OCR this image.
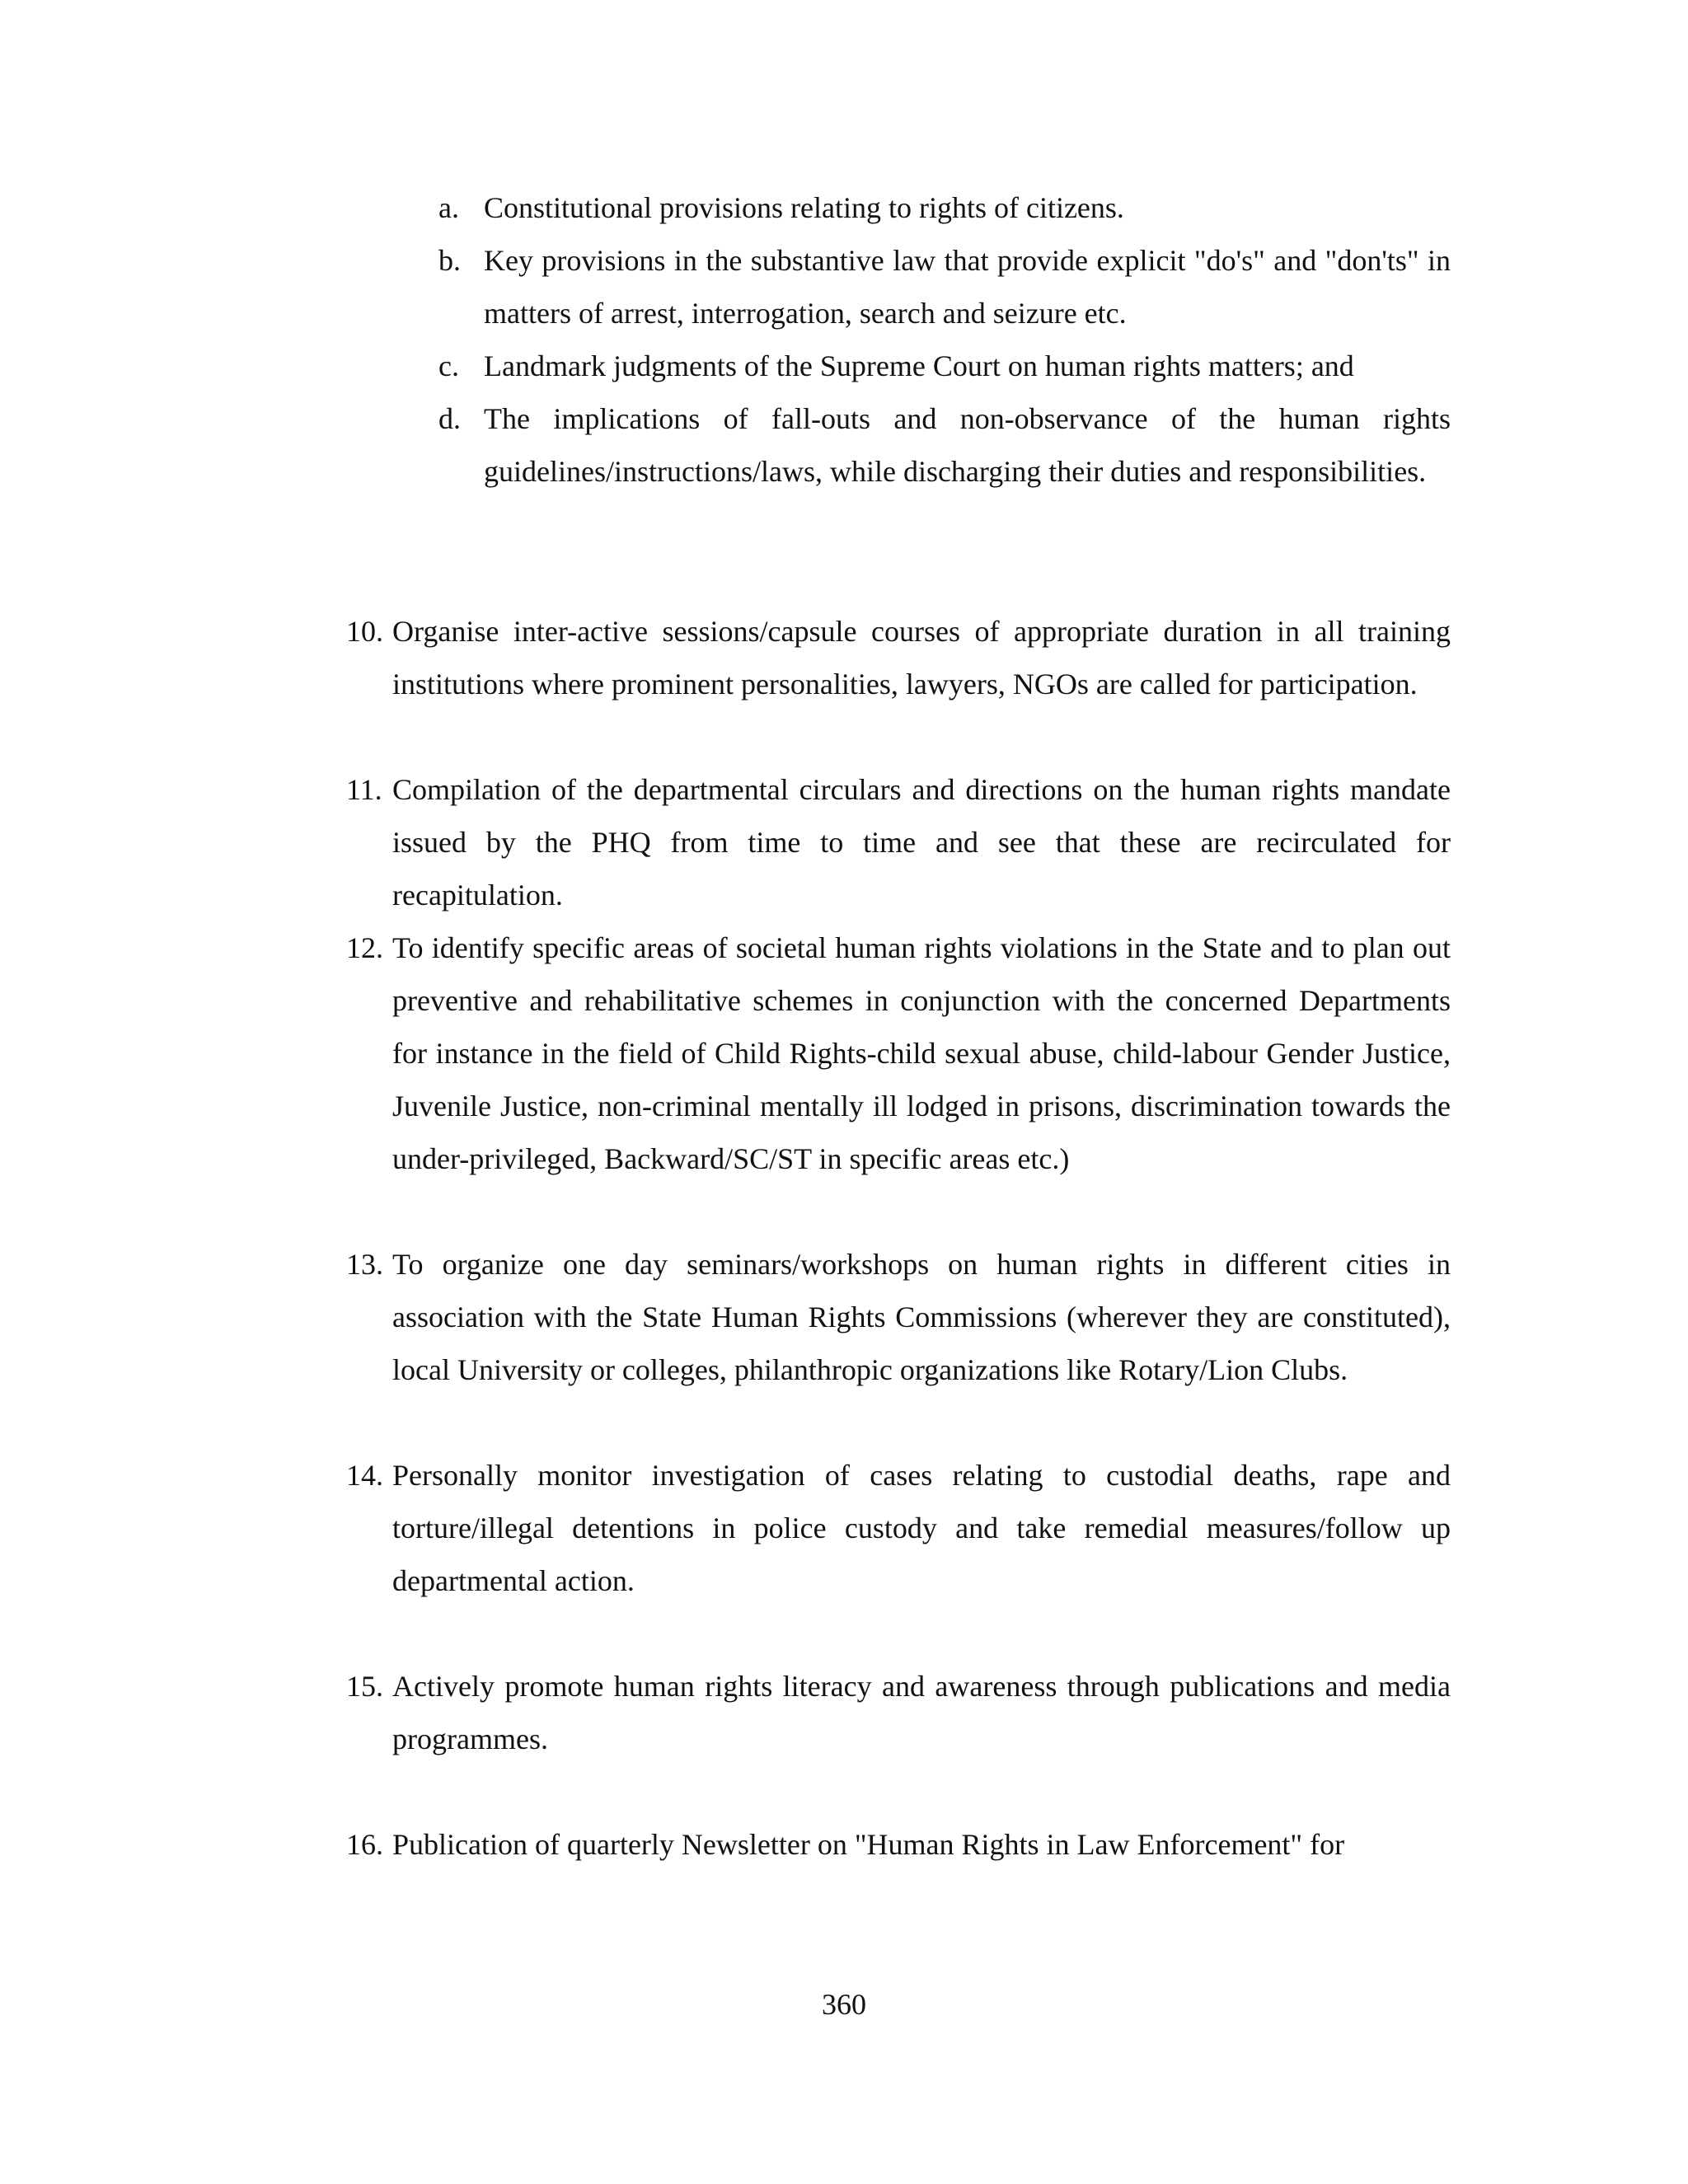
a. Constitutional provisions relating to rights of citizens.
b. Key provisions in the substantive law that provide explicit "do's" and "don'ts" in matters of arrest, interrogation, search and seizure etc.
c. Landmark judgments of the Supreme Court on human rights matters; and
d. The implications of fall-outs and non-observance of the human rights guidelines/instructions/laws, while discharging their duties and responsibilities.
10. Organise inter-active sessions/capsule courses of appropriate duration in all training institutions where prominent personalities, lawyers, NGOs are called for participation.
11. Compilation of the departmental circulars and directions on the human rights mandate issued by the PHQ from time to time and see that these are recirculated for recapitulation.
12. To identify specific areas of societal human rights violations in the State and to plan out preventive and rehabilitative schemes in conjunction with the concerned Departments for instance in the field of Child Rights-child sexual abuse, child-labour Gender Justice, Juvenile Justice, non-criminal mentally ill lodged in prisons, discrimination towards the under-privileged, Backward/SC/ST in specific areas etc.)
13. To organize one day seminars/workshops on human rights in different cities in association with the State Human Rights Commissions (wherever they are constituted), local University or colleges, philanthropic organizations like Rotary/Lion Clubs.
14. Personally monitor investigation of cases relating to custodial deaths, rape and torture/illegal detentions in police custody and take remedial measures/follow up departmental action.
15. Actively promote human rights literacy and awareness through publications and media programmes.
16. Publication of quarterly Newsletter on "Human Rights in Law Enforcement" for
360
